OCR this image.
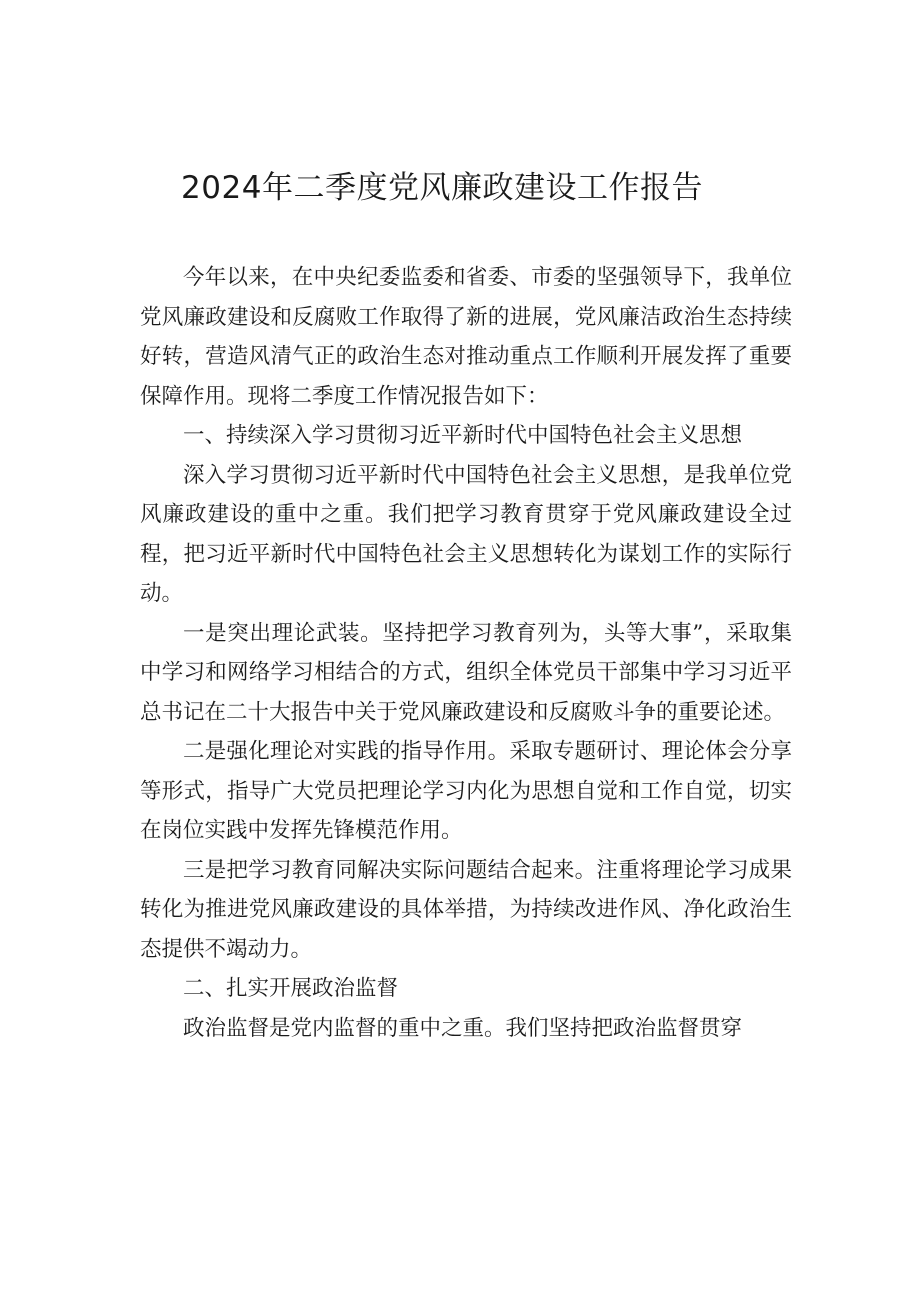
2024年二季度党风廉政建设工作报告

今年以来，在中央纪委监委和省委、市委的坚强领导下，我单位党风廉政建设和反腐败工作取得了新的进展，党风廉洁政治生态持续好转，营造风清气正的政治生态对推动重点工作顺利开展发挥了重要保障作用。现将二季度工作情况报告如下：

一、持续深入学习贯彻习近平新时代中国特色社会主义思想

深入学习贯彻习近平新时代中国特色社会主义思想，是我单位党风廉政建设的重中之重。我们把学习教育贯穿于党风廉政建设全过程，把习近平新时代中国特色社会主义思想转化为谋划工作的实际行动。

一是突出理论武装。坚持把学习教育列为，头等大事”，采取集中学习和网络学习相结合的方式，组织全体党员干部集中学习习近平总书记在二十大报告中关于党风廉政建设和反腐败斗争的重要论述。

二是强化理论对实践的指导作用。采取专题研讨、理论体会分享等形式，指导广大党员把理论学习内化为思想自觉和工作自觉，切实在岗位实践中发挥先锋模范作用。

三是把学习教育同解决实际问题结合起来。注重将理论学习成果转化为推进党风廉政建设的具体举措，为持续改进作风、净化政治生态提供不竭动力。

二、扎实开展政治监督

政治监督是党内监督的重中之重。我们坚持把政治监督贯穿
